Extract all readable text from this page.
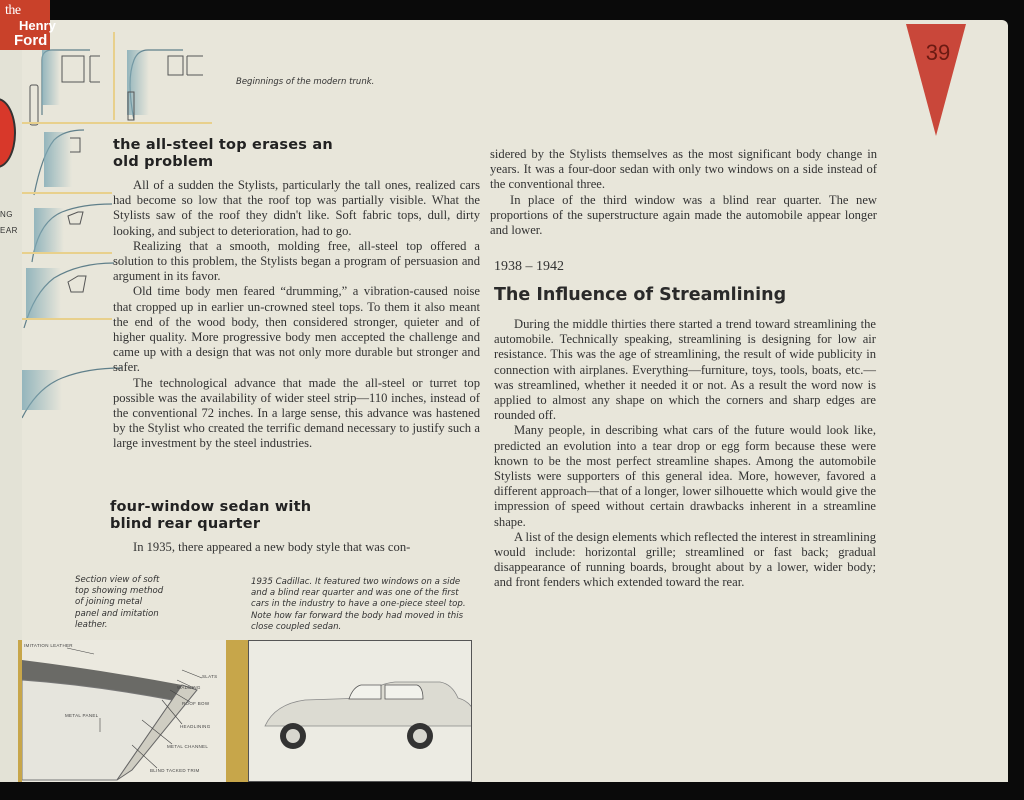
NG
EAR
Beginnings of the modern trunk.
39
the all-steel top erases an
old problem

All of a sudden the Stylists, particularly the tall ones, realized cars had become so low that the roof top was partially visible. What the Stylists saw of the roof they didn't like. Soft fabric tops, dull, dirty looking, and subject to deterioration, had to go.

Realizing that a smooth, molding free, all-steel top offered a solution to this problem, the Stylists began a program of persuasion and argument in its favor.

Old time body men feared “drumming,” a vibration-caused noise that cropped up in earlier un-crowned steel tops. To them it also meant the end of the wood body, then considered stronger, quieter and of higher quality. More progressive body men accepted the challenge and came up with a design that was not only more durable but stronger and safer.

The technological advance that made the all-steel or turret top possible was the availability of wider steel strip—110 inches, instead of the conventional 72 inches. In a large sense, this advance was hastened by the Stylist who created the terrific demand necessary to justify such a large investment by the steel industries.

four-window sedan with
blind rear quarter

In 1935, there appeared a new body style that was con-

Section view of soft top showing method of joining metal panel and imitation leather.
1935 Cadillac. It featured two windows on a side and a blind rear quarter and was one of the first cars in the industry to have a one-piece steel top. Note how far forward the body had moved in this close coupled sedan.
IMITATION LEATHER
SLATS
WADDING
ROOF BOW
METAL PANEL
HEADLINING
METAL CHANNEL
BLIND TACKED TRIM

sidered by the Stylists themselves as the most significant body change in years. It was a four-door sedan with only two windows on a side instead of the conventional three.

In place of the third window was a blind rear quarter. The new proportions of the superstructure again made the automobile appear longer and lower.

1938 – 1942
The Influence of Streamlining

During the middle thirties there started a trend toward streamlining the automobile. Technically speaking, streamlining is designing for low air resistance. This was the age of streamlining, the result of wide publicity in connection with airplanes. Everything—furniture, toys, tools, boats, etc.—was streamlined, whether it needed it or not. As a result the word now is applied to almost any shape on which the corners and sharp edges are rounded off.

Many people, in describing what cars of the future would look like, predicted an evolution into a tear drop or egg form because these were known to be the most perfect streamline shapes. Among the automobile Stylists were supporters of this general idea. More, however, favored a different approach—that of a longer, lower silhouette which would give the impression of speed without certain drawbacks inherent in a streamline shape.

A list of the design elements which reflected the interest in streamlining would include: horizontal grille; streamlined or fast back; gradual disappearance of running boards, brought about by a lower, wider body; and front fenders which extended toward the rear.

the
Henry
Ford
